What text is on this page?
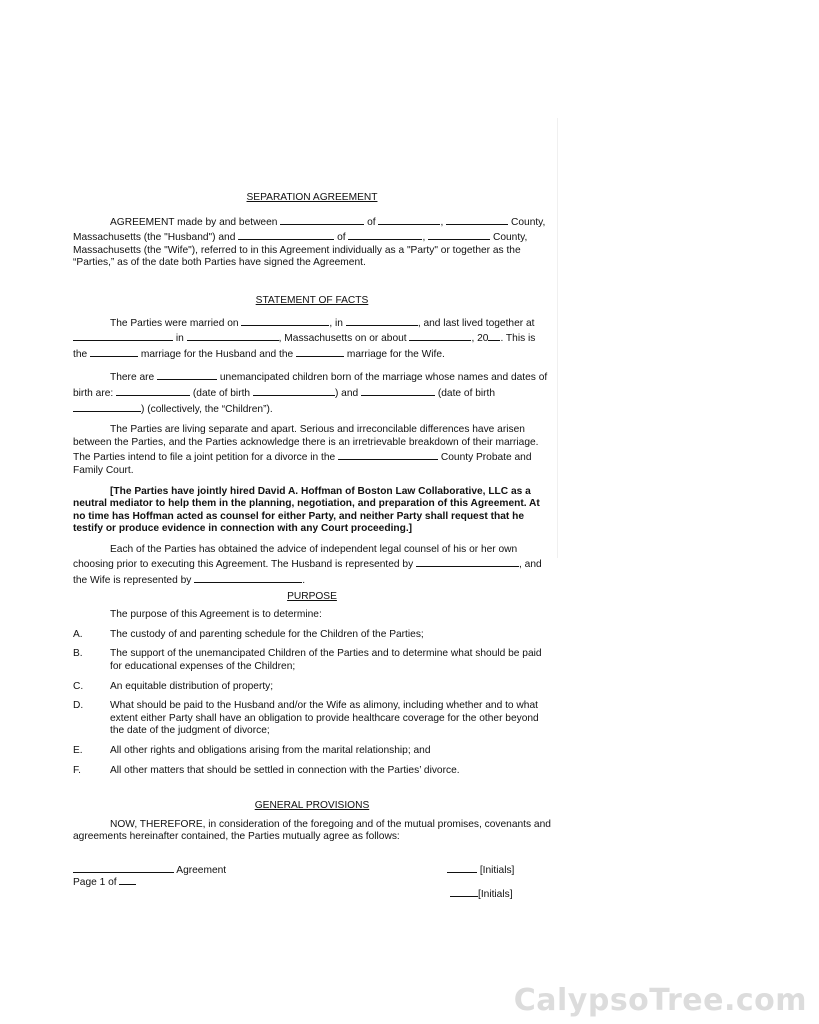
SEPARATION AGREEMENT

AGREEMENT made by and between	of	,	County, Massachusetts (the "Husband") and	of	,	County, Massachusetts (the "Wife"), referred to in this Agreement individually as a "Party" or together as the “Parties,” as of the date both Parties have signed the Agreement.

STATEMENT OF FACTS

The Parties were married on	, in	, and last lived together at  in	, Massachusetts on or about	, 20 . This is the	marriage for the Husband and the	marriage for the Wife.

There are	unemancipated children born of the marriage whose names and dates of birth are:	(date of birth	) and	(date of birth ) (collectively, the “Children”).

The Parties are living separate and apart. Serious and irreconcilable differences have arisen between the Parties, and the Parties acknowledge there is an irretrievable breakdown of their marriage. The Parties intend to file a joint petition for a divorce in the	County Probate and Family Court.

[The Parties have jointly hired David A. Hoffman of Boston Law Collaborative, LLC as a neutral mediator to help them in the planning, negotiation, and preparation of this Agreement. At no time has Hoffman acted as counsel for either Party, and neither Party shall request that he testify or produce evidence in connection with any Court proceeding.]

Each of the Parties has obtained the advice of independent legal counsel of his or her own choosing prior to executing this Agreement. The Husband is represented by	, and the Wife is represented by	.

PURPOSE

The purpose of this Agreement is to determine:

A.	The custody of and parenting schedule for the Children of the Parties;
B.	The support of the unemancipated Children of the Parties and to determine what should be paid for educational expenses of the Children;
C.	An equitable distribution of property;
D.	What should be paid to the Husband and/or the Wife as alimony, including whether and to what extent either Party shall have an obligation to provide healthcare coverage for the other beyond the date of the judgment of divorce;
E.	All other rights and obligations arising from the marital relationship; and
F.	All other matters that should be settled in connection with the Parties’ divorce.

GENERAL PROVISIONS

NOW, THEREFORE, in consideration of the foregoing and of the mutual promises, covenants and agreements hereinafter contained, the Parties mutually agree as follows:

Agreement	[Initials]
Page 1 of
[Initials]
CalypsoTree.com
